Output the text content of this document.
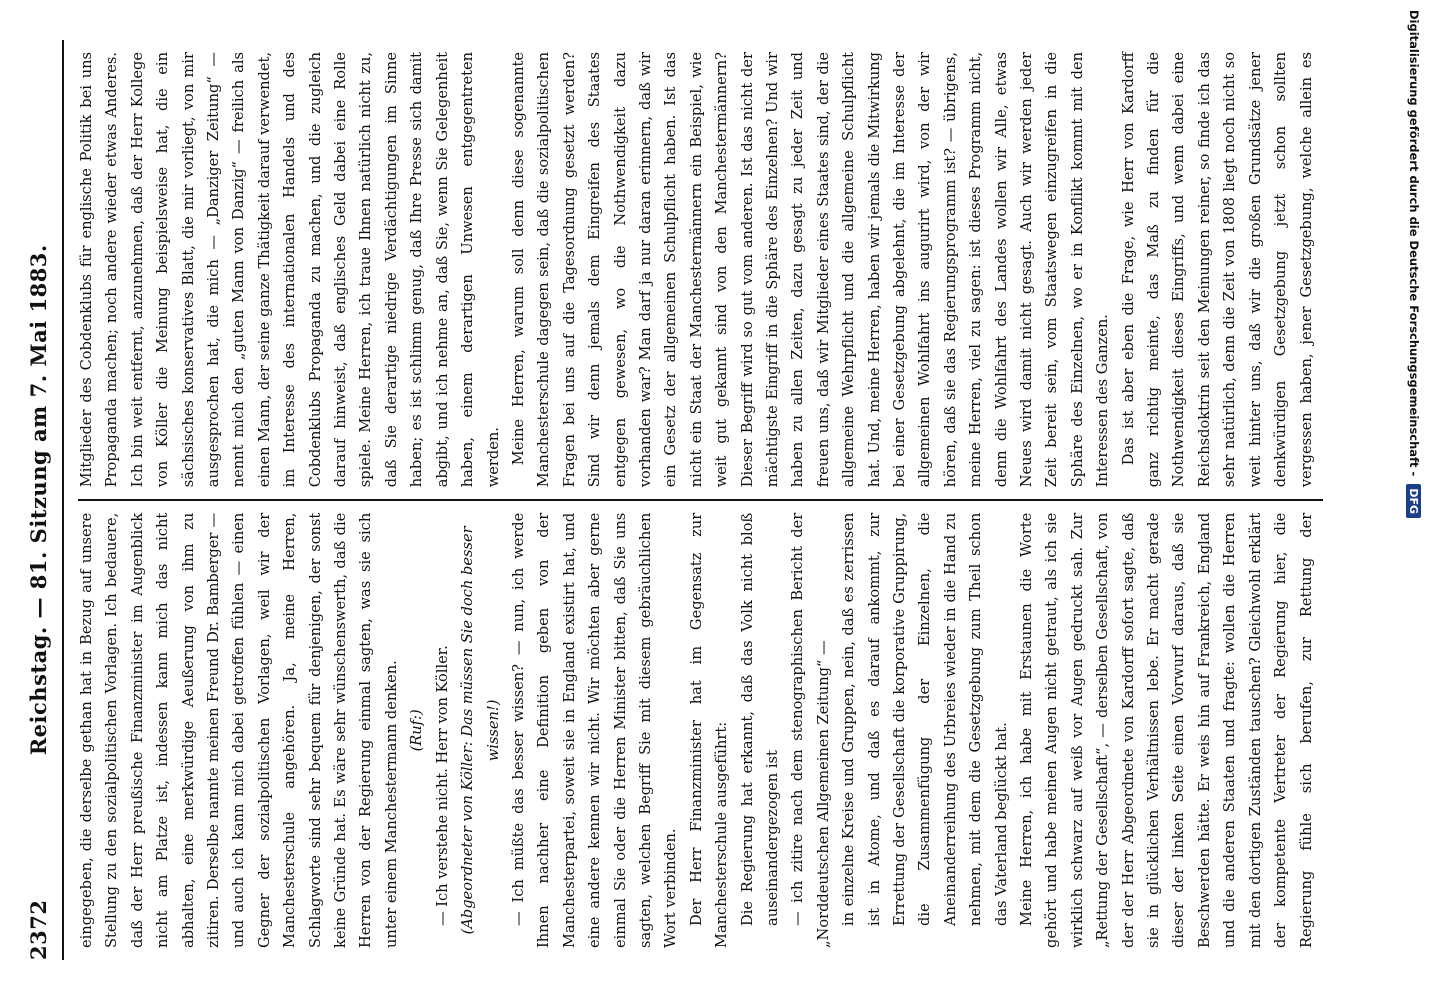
2372
Reichstag. — 81. Sitzung am 7. Mai 1883. eingegeben, die derselbe gethan hat in Bezug auf unsere Stellung zu den sozialpolitischen Vorlagen. Ich bedauere, daß der Herr preußische Finanzminister im Augenblick nicht am Platze ist, indessen kann mich das nicht abhalten, eine merkwürdige Aeußerung von ihm zu zitiren. Derselbe nannte meinen Freund Dr. Bamberger — und auch ich kann mich dabei getroffen fühlen — einen Gegner der sozialpolitischen Vorlagen, weil wir der Manchesterschule angehören. Ja, meine Herren, Schlagworte sind sehr bequem für denjenigen, der sonst keine Gründe hat. Es wäre sehr wünschenswerth, daß die Herren von der Regierung einmal sagten, was sie sich unter einem Manchestermann denken. (Ruf:) — Ich verstehe nicht. Herr von Köller. (Abgeordneter von Köller: Das müssen Sie doch besser wissen!) — Ich müßte das besser wissen? — nun, ich werde Ihnen nachher eine Definition geben von der Manchesterpartei, soweit sie in England existirt hat, und eine andere kennen wir nicht. Wir möchten aber gerne einmal Sie oder die Herren Minister bitten, daß Sie uns sagten, welchen Begriff Sie mit diesem gebräuchlichen Wort verbinden. Der Herr Finanzminister hat im Gegensatz zur Manchesterschule ausgeführt: Die Regierung hat erkannt, daß das Volk nicht bloß auseinandergezogen ist — ich zitire nach dem stenographischen Bericht der „Norddeutschen Allgemeinen Zeitung“ — in einzelne Kreise und Gruppen, nein, daß es zerrissen ist in Atome, und daß es darauf ankommt, zur Errettung der Gesellschaft die korporative Gruppirung, die Zusammenfügung der Einzelnen, die Aneinanderreihung des Urbreies wieder in die Hand zu nehmen, mit dem die Gesetzgebung zum Theil schon das Vaterland beglückt hat. Meine Herren, ich habe mit Erstaunen die Worte gehört und habe meinen Augen nicht getraut, als ich sie wirklich schwarz auf weiß vor Augen gedruckt sah. Zur „Rettung der Gesellschaft“, — derselben Gesellschaft, von der der Herr Abgeordnete von Kardorff sofort sagte, daß sie in glücklichen Verhältnissen lebe. Er macht gerade dieser der linken Seite einen Vorwurf daraus, daß sie Beschwerden hätte. Er weis hin auf Frankreich, England und die anderen Staaten und fragte: wollen die Herren mit den dortigen Zuständen tauschen? Gleichwohl erklärt der kompetente Vertreter der Regierung hier, die Regierung fühle sich berufen, zur Rettung der

Mitglieder des Cobdenklubs für englische Politik bei uns Propaganda machen; noch andere wieder etwas Anderes. Ich bin weit entfernt, anzunehmen, daß der Herr Kollege von Köller die Meinung beispielsweise hat, die ein sächsisches konservatives Blatt, die mir vorliegt, von mir ausgesprochen hat, die mich — „Danziger Zeitung“ — nennt mich den „guten Mann von Danzig“ — freilich als einen Mann, der seine ganze Thätigkeit darauf verwendet, im Interesse des internationalen Handels und des Cobdenklubs Propaganda zu machen, und die zugleich darauf hinweist, daß englisches Geld dabei eine Rolle spiele. Meine Herren, ich traue Ihnen natürlich nicht zu, daß Sie derartige niedrige Verdächtigungen im Sinne haben; es ist schlimm genug, daß Ihre Presse sich damit abgibt, und ich nehme an, daß Sie, wenn Sie Gelegenheit haben, einem derartigen Unwesen entgegentreten werden. Meine Herren, warum soll denn diese sogenannte Manchesterschule dagegen sein, daß die sozialpolitischen Fragen bei uns auf die Tagesordnung gesetzt werden? Sind wir denn jemals dem Eingreifen des Staates entgegen gewesen, wo die Nothwendigkeit dazu vorhanden war? Man darf ja nur daran erinnern, daß wir ein Gesetz der allgemeinen Schulpflicht haben. Ist das nicht ein Staat der Manchestermännern ein Beispiel, wie weit gut gekannt sind von den Manchestermännern? Dieser Begriff wird so gut vom anderen. Ist das nicht der mächtigste Eingriff in die Sphäre des Einzelnen? Und wir haben zu allen Zeiten, dazu gesagt zu jeder Zeit und freuen uns, daß wir Mitglieder eines Staates sind, der die allgemeine Wehrpflicht und die allgemeine Schulpflicht hat. Und, meine Herren, haben wir jemals die Mitwirkung bei einer Gesetzgebung abgelehnt, die im Interesse der allgemeinen Wohlfahrt ins augurirt wird, von der wir hören, daß sie das Regierungsprogramm ist? — übrigens, meine Herren, viel zu sagen: ist dieses Programm nicht, denn die Wohlfahrt des Landes wollen wir Alle, etwas Neues wird damit nicht gesagt. Auch wir werden jeder Zeit bereit sein, vom Staatswegen einzugreifen in die Sphäre des Einzelnen, wo er in Konflikt kommt mit den Interessen des Ganzen. Das ist aber eben die Frage, wie Herr von Kardorff ganz richtig meinte, das Maß zu finden für die Nothwendigkeit dieses Eingriffs, und wenn dabei eine Reichsdoktrin seit den Meinungen reiner, so finde ich das sehr natürlich, denn die Zeit von 1808 liegt noch nicht so weit hinter uns, daß wir die großen Grundsätze jener denkwürdigen Gesetzgebung jetzt schon sollten vergessen haben, jener Gesetzgebung, welche allein es	Digitalisierung gefördert durch die Deutsche Forschungsgemeinschaft -
DFG
